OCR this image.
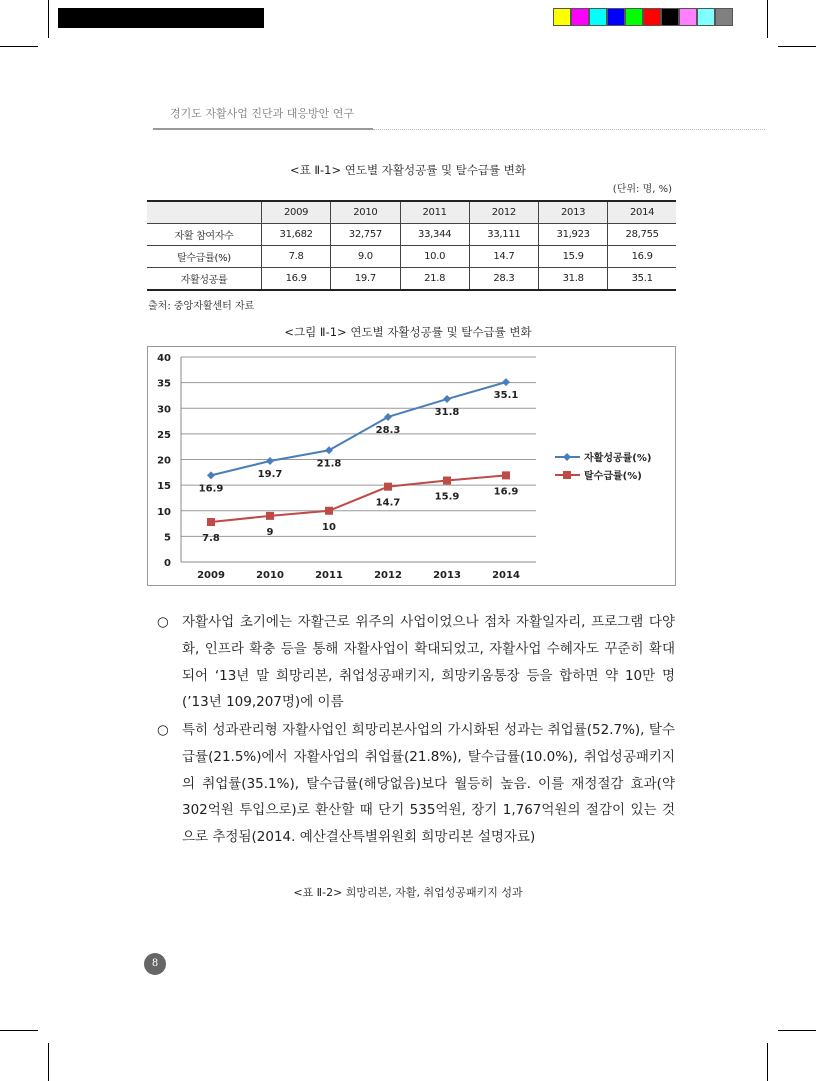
경기도 자활사업 진단과 대응방안 연구
<표 Ⅱ-1> 연도별 자활성공률 및 탈수급률 변화
(단위: 명, %)
	2009	2010	2011	2012	2013	2014
자활 참여자수	31,682	32,757	33,344	33,111	31,923	28,755
탈수급률(%)	7.8	9.0	10.0	14.7	15.9	16.9
자활성공률	16.9	19.7	21.8	28.3	31.8	35.1
출처: 중앙자활센터 자료
<그림 Ⅱ-1> 연도별 자활성공률 및 탈수급률 변화
0
5
10
15
20
25
30
35
40
2009	2010	2011	2012	2013	2014
16.9
19.7
21.8
28.3
31.8
35.1
7.8
9	10
14.7
15.9	16.9
자활성공률(%)
탈수급률(%)
○ 자활사업 초기에는 자활근로 위주의 사업이었으나 점차 자활일자리, 프로그램 다양화, 인프라 확충 등을 통해 자활사업이 확대되었고, 자활사업 수혜자도 꾸준히 확대되어 ‘13년 말 희망리본, 취업성공패키지, 희망키움통장 등을 합하면 약 10만 명(’13년 109,207명)에 이름
○ 특히 성과관리형 자활사업인 희망리본사업의 가시화된 성과는 취업률(52.7%), 탈수급률(21.5%)에서 자활사업의 취업률(21.8%), 탈수급률(10.0%), 취업성공패키지의 취업률(35.1%), 탈수급률(해당없음)보다 월등히 높음. 이를 재정절감 효과(약 302억원 투입으로)로 환산할 때 단기 535억원, 장기 1,767억원의 절감이 있는 것으로 추정됨(2014. 예산결산특별위원회 희망리본 설명자료)
<표 Ⅱ-2> 희망리본, 자활, 취업성공패키지 성과
8
